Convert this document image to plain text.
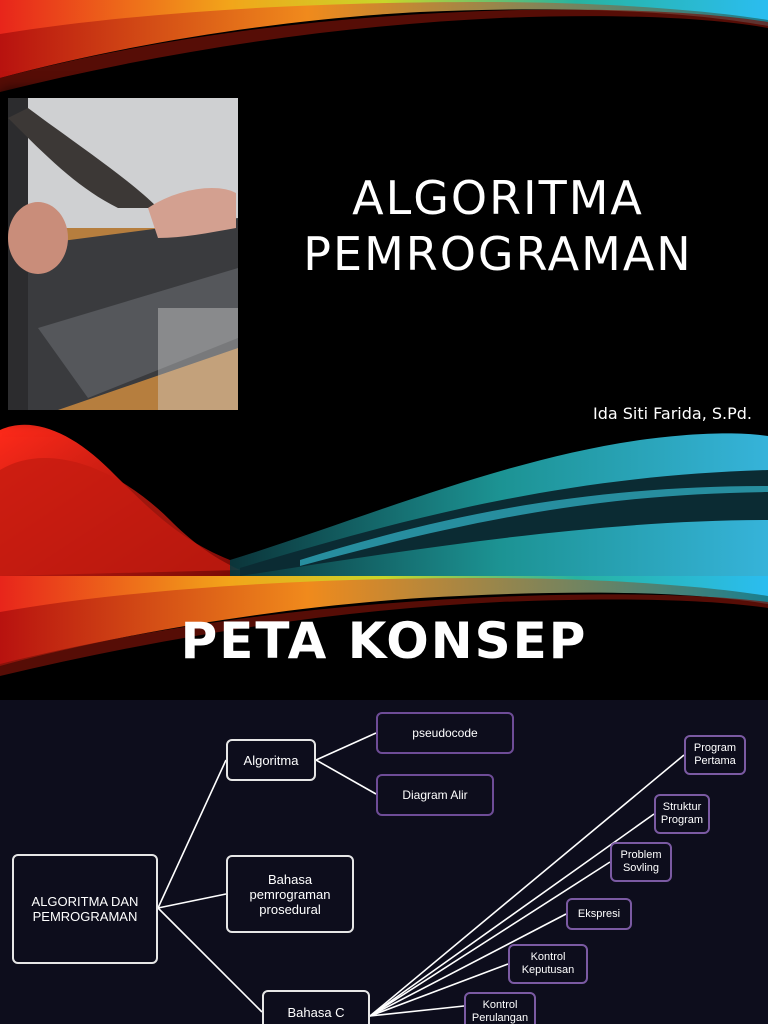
ALGORITMA
PEMROGRAMAN
Ida Siti Farida, S.Pd.
PETA KONSEP
ALGORITMA DAN PEMROGRAMAN
Algoritma
Bahasa pemrograman prosedural
Bahasa C
pseudocode
Diagram Alir
Program Pertama
Struktur Program
Problem Sovling
Ekspresi
Kontrol Keputusan
Kontrol Perulangan
